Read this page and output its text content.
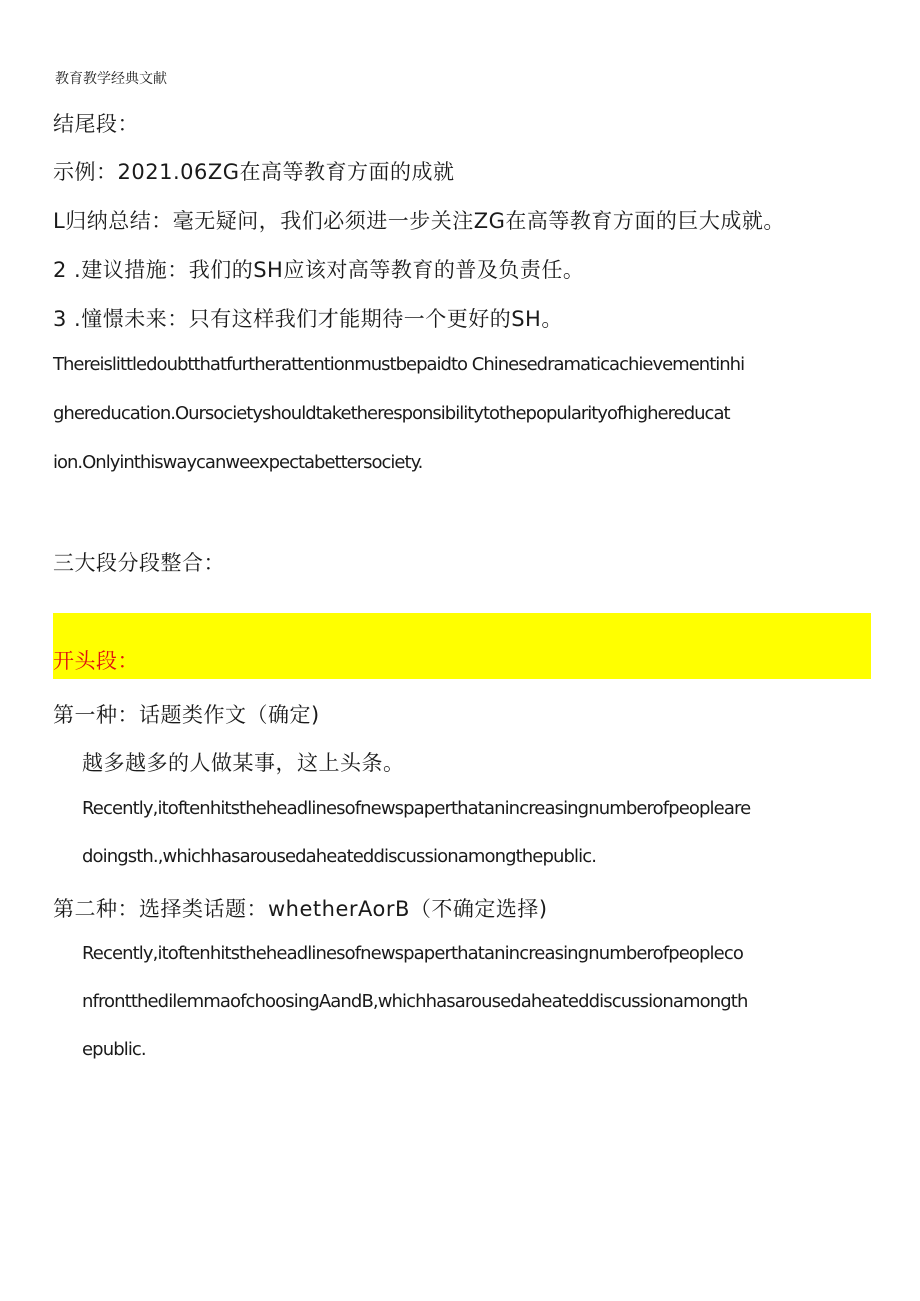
教育教学经典文献
结尾段：
示例：2021.06ZG在高等教育方面的成就
L归纳总结：毫无疑问，我们必须进一步关注ZG在高等教育方面的巨大成就。
2 .建议措施：我们的SH应该对高等教育的普及负责任。
3 .憧憬未来：只有这样我们才能期待一个更好的SH。
Thereislittledoubtthatfurtherattentionmustbepaidto Chinesedramaticachievementinhi
ghereducation.Oursocietyshouldtaketheresponsibilitytothepopularityofhighereducat
ion.Onlyinthiswaycanweexpectabettersociety.
三大段分段整合：
开头段：
第一种：话题类作文（确定)
越多越多的人做某事，这上头条。
Recently,itoftenhitstheheadlinesofnewspaperthatanincreasingnumberofpeopleare
doingsth.,whichhasarousedaheateddiscussionamongthepublic.
第二种：选择类话题：whetherAorB（不确定选择)
Recently,itoftenhitstheheadlinesofnewspaperthatanincreasingnumberofpeopleco
nfrontthedilemmaofchoosingAandB,whichhasarousedaheateddiscussionamongth
epublic.
